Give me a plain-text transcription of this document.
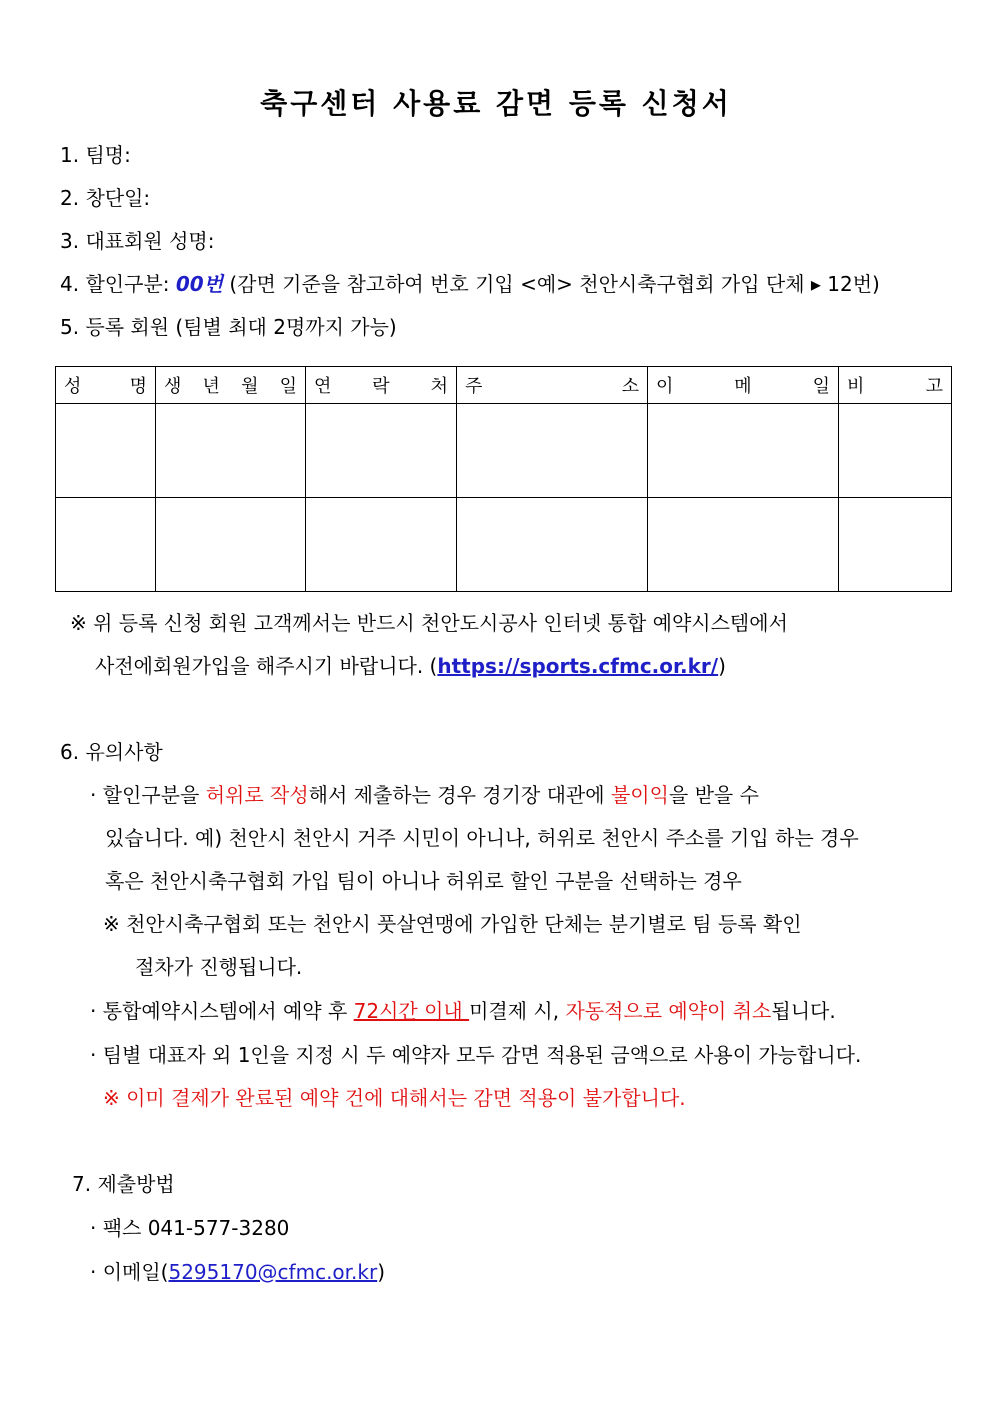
축구센터 사용료 감면 등록 신청서
1. 팀명:
2. 창단일:
3. 대표회원 성명:
4. 할인구분: 00번 (감면 기준을 참고하여 번호 기입 <예> 천안시축구협회 가입 단체 ▸ 12번)
5. 등록 회원 (팀별 최대 2명까지 가능)
성 명	생 년 월 일	연 락 처	주 소	이 메 일	비 고

※ 위 등록 신청 회원 고객께서는 반드시 천안도시공사 인터넷 통합 예약시스템에서
사전에회원가입을 해주시기 바랍니다. (https://sports.cfmc.or.kr/)
6. 유의사항
· 할인구분을 허위로 작성해서 제출하는 경우 경기장 대관에 불이익을 받을 수
있습니다. 예) 천안시 천안시 거주 시민이 아니나, 허위로 천안시 주소를 기입 하는 경우
혹은 천안시축구협회 가입 팀이 아니나 허위로 할인 구분을 선택하는 경우
※ 천안시축구협회 또는 천안시 풋살연맹에 가입한 단체는 분기별로 팀 등록 확인
절차가 진행됩니다.
· 통합예약시스템에서 예약 후 72시간 이내 미결제 시, 자동적으로 예약이 취소됩니다.
· 팀별 대표자 외 1인을 지정 시 두 예약자 모두 감면 적용된 금액으로 사용이 가능합니다.
※ 이미 결제가 완료된 예약 건에 대해서는 감면 적용이 불가합니다.
7. 제출방법
· 팩스 041-577-3280
· 이메일(5295170@cfmc.or.kr)
